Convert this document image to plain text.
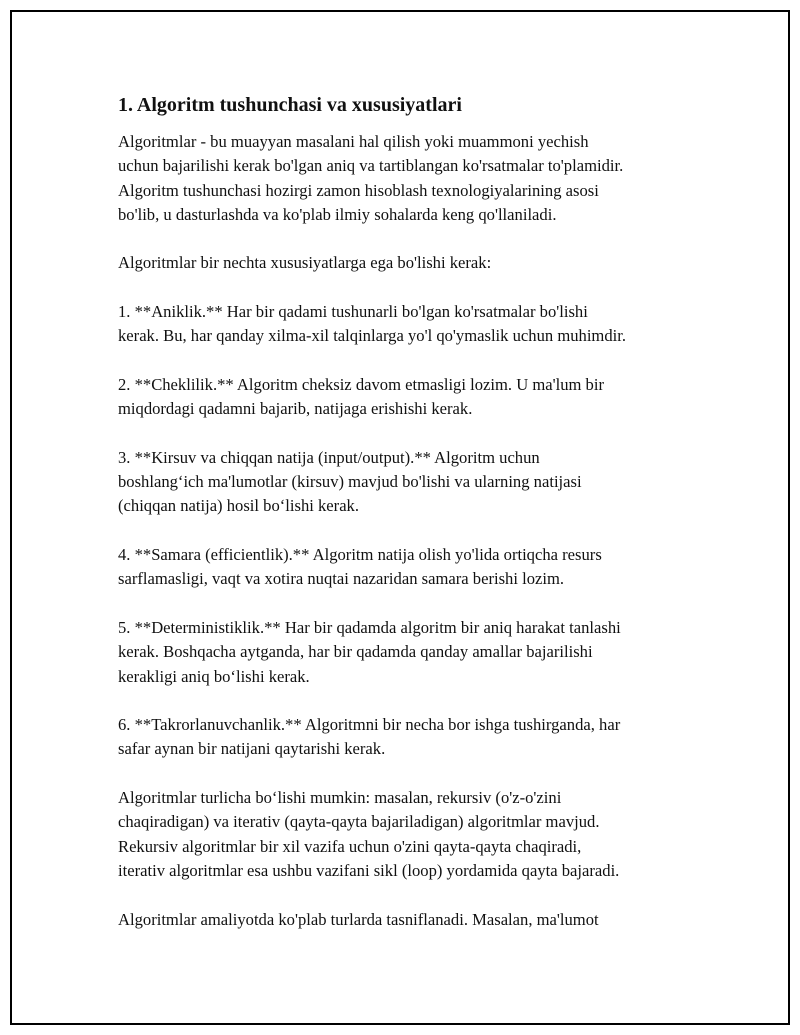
1. Algoritm tushunchasi va xususiyatlari
Algoritmlar - bu muayyan masalani hal qilish yoki muammoni yechish
uchun bajarilishi kerak bo'lgan aniq va tartiblangan ko'rsatmalar to'plamidir.
Algoritm tushunchasi hozirgi zamon hisoblash texnologiyalarining asosi
bo'lib, u dasturlashda va ko'plab ilmiy sohalarda keng qo'llaniladi.
Algoritmlar bir nechta xususiyatlarga ega bo'lishi kerak:
1. **Aniklik.** Har bir qadami tushunarli bo'lgan ko'rsatmalar bo'lishi
kerak. Bu, har qanday xilma-xil talqinlarga yo'l qo'ymaslik uchun muhimdir.
2. **Cheklilik.** Algoritm cheksiz davom etmasligi lozim. U ma'lum bir
miqdordagi qadamni bajarib, natijaga erishishi kerak.
3. **Kirsuv va chiqqan natija (input/output).** Algoritm uchun
boshlang‘ich ma'lumotlar (kirsuv) mavjud bo'lishi va ularning natijasi
(chiqqan natija) hosil bo‘lishi kerak.
4. **Samara (efficientlik).** Algoritm natija olish yo'lida ortiqcha resurs
sarflamasligi, vaqt va xotira nuqtai nazaridan samara berishi lozim.
5. **Deterministiklik.** Har bir qadamda algoritm bir aniq harakat tanlashi
kerak. Boshqacha aytganda, har bir qadamda qanday amallar bajarilishi
kerakligi aniq bo‘lishi kerak.
6. **Takrorlanuvchanlik.** Algoritmni bir necha bor ishga tushirganda, har
safar aynan bir natijani qaytarishi kerak.
Algoritmlar turlicha bo‘lishi mumkin: masalan, rekursiv (o'z-o'zini
chaqiradigan) va iterativ (qayta-qayta bajariladigan) algoritmlar mavjud.
Rekursiv algoritmlar bir xil vazifa uchun o'zini qayta-qayta chaqiradi,
iterativ algoritmlar esa ushbu vazifani sikl (loop) yordamida qayta bajaradi.
Algoritmlar amaliyotda ko'plab turlarda tasniflanadi. Masalan, ma'lumot
